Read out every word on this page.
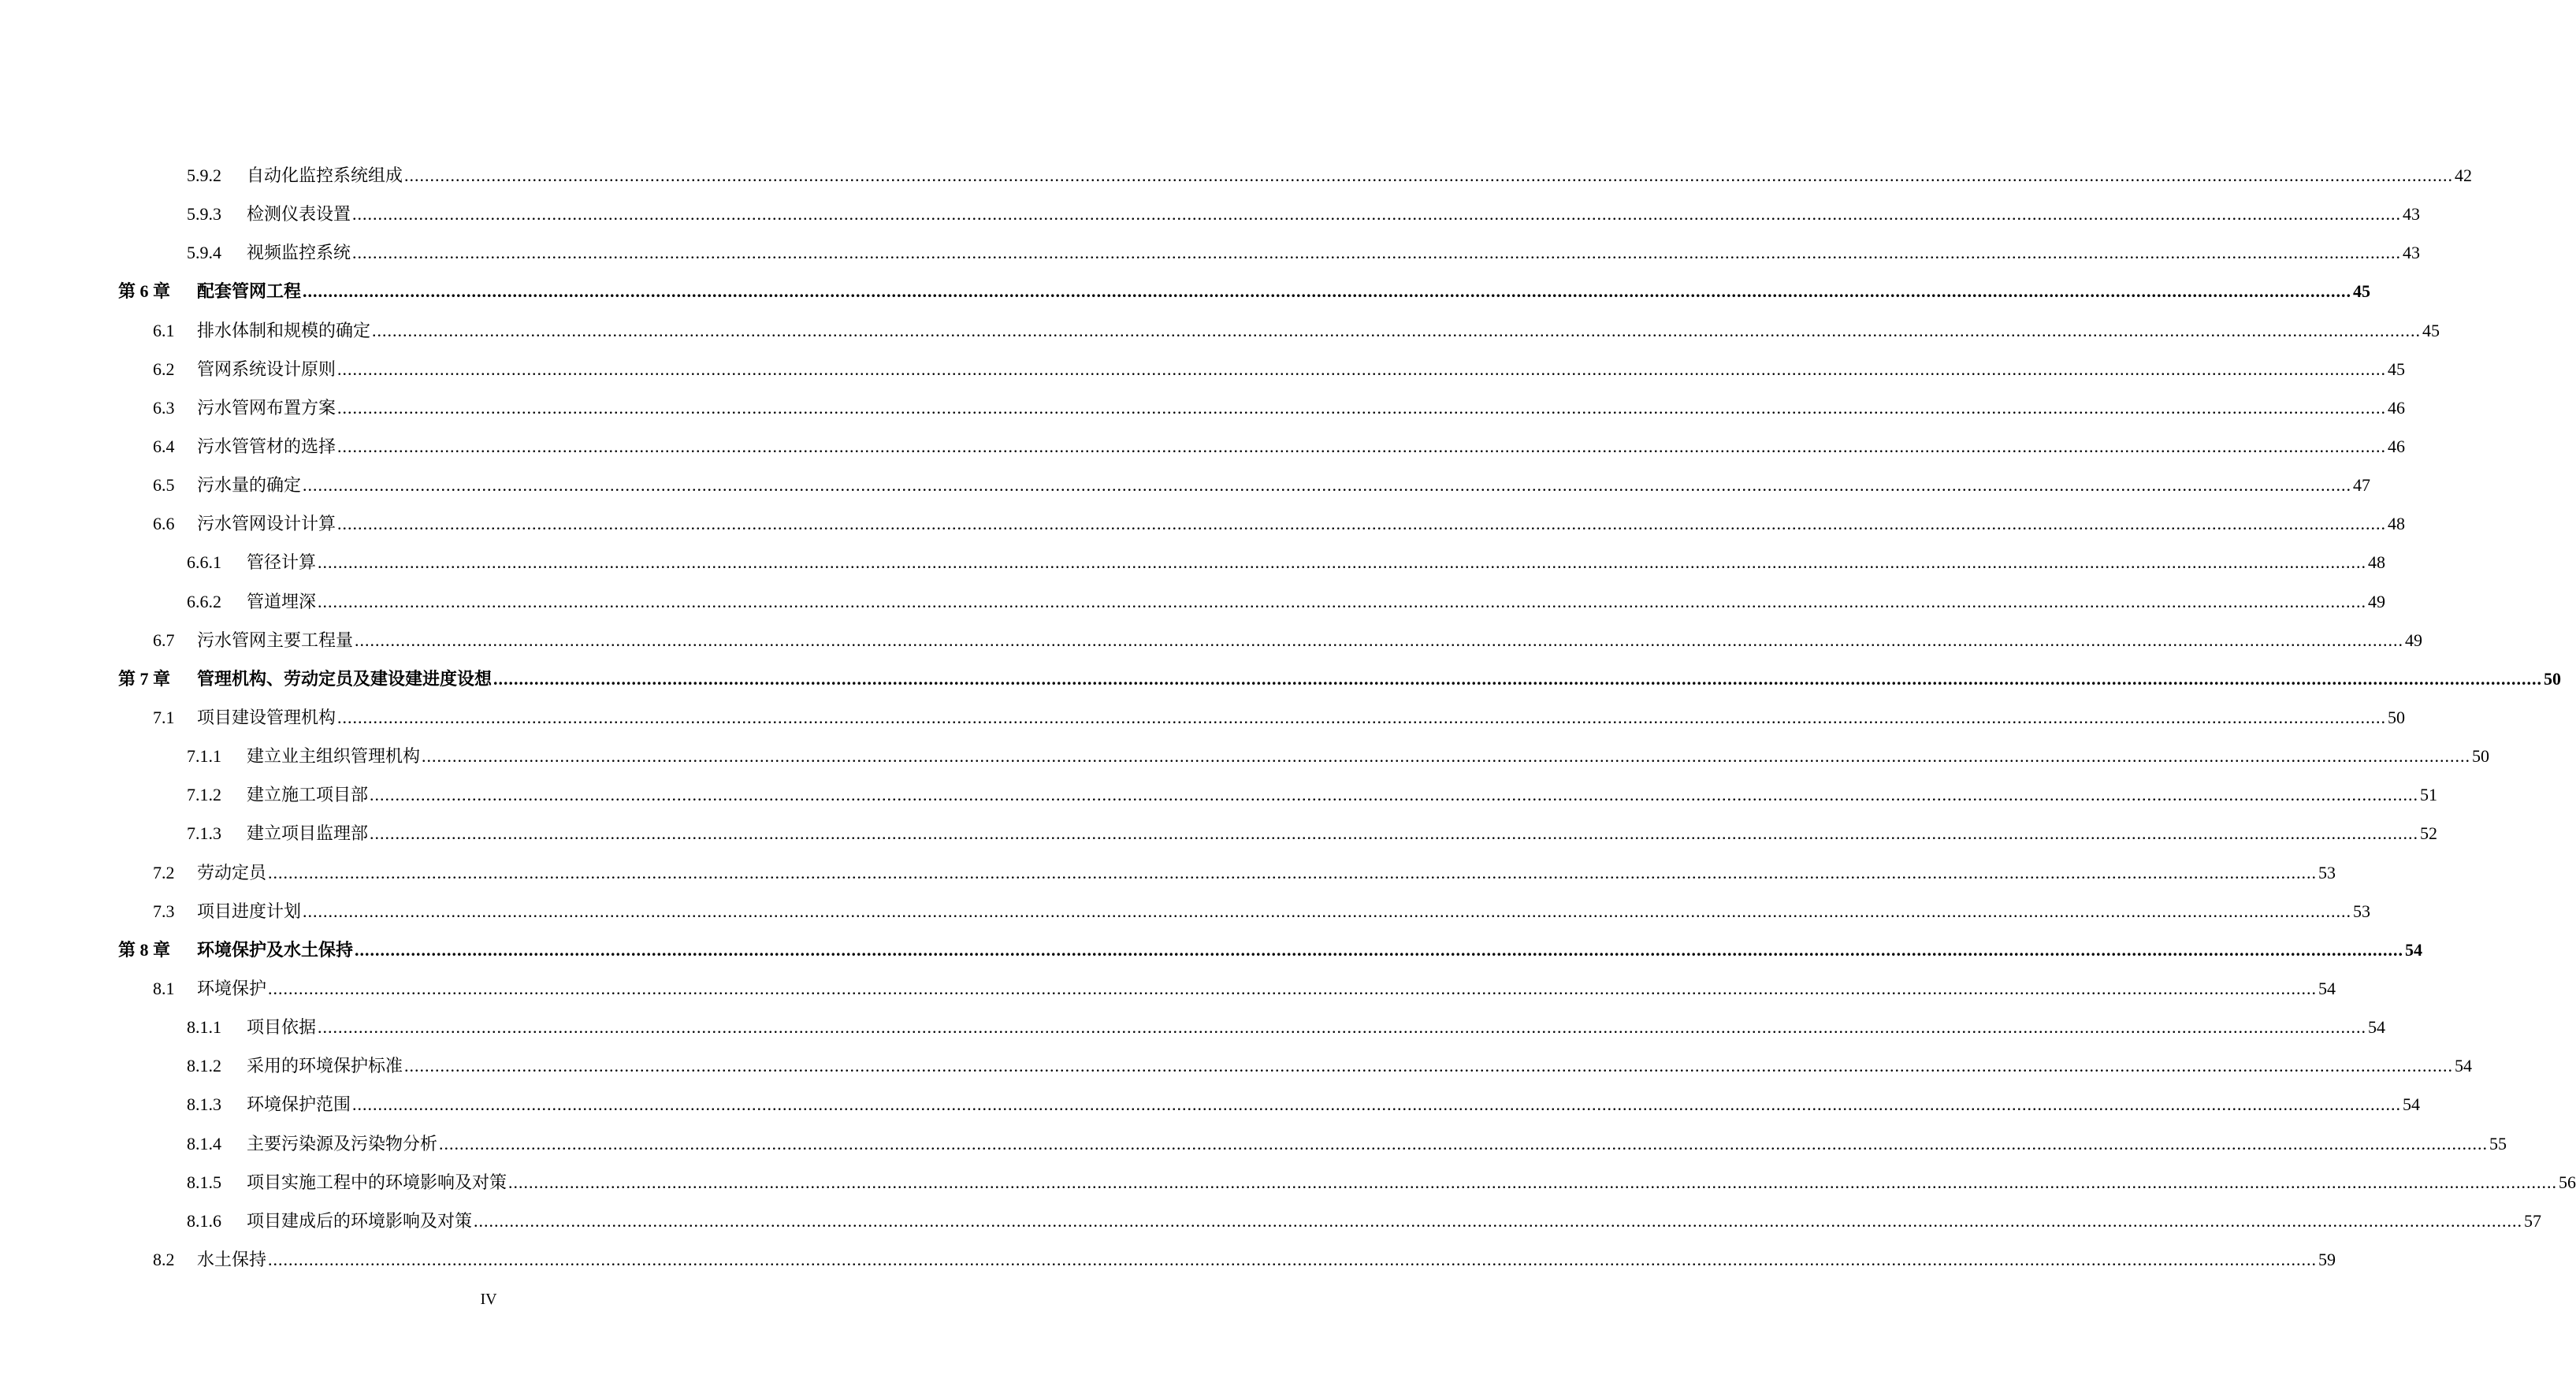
5.9.2 自动化监控系统组成 ................................................................................................................................................................................................................................................................................................................................................................................................................ 42
5.9.3 检测仪表设置 ................................................................................................................................................................................................................................................................................................................................................................................................................ 43
5.9.4 视频监控系统 ................................................................................................................................................................................................................................................................................................................................................................................................................ 43
第 6 章 配套管网工程 ................................................................................................................................................................................................................................................................................................................................................................................................................ 45
6.1 排水体制和规模的确定 ................................................................................................................................................................................................................................................................................................................................................................................................................ 45
6.2 管网系统设计原则 ................................................................................................................................................................................................................................................................................................................................................................................................................ 45
6.3 污水管网布置方案 ................................................................................................................................................................................................................................................................................................................................................................................................................ 46
6.4 污水管管材的选择 ................................................................................................................................................................................................................................................................................................................................................................................................................ 46
6.5 污水量的确定 ................................................................................................................................................................................................................................................................................................................................................................................................................ 47
6.6 污水管网设计计算 ................................................................................................................................................................................................................................................................................................................................................................................................................ 48
6.6.1 管径计算 ................................................................................................................................................................................................................................................................................................................................................................................................................ 48
6.6.2 管道埋深 ................................................................................................................................................................................................................................................................................................................................................................................................................ 49
6.7 污水管网主要工程量 ................................................................................................................................................................................................................................................................................................................................................................................................................ 49
第 7 章 管理机构、劳动定员及建设建进度设想 ................................................................................................................................................................................................................................................................................................................................................................................................................ 50
7.1 项目建设管理机构 ................................................................................................................................................................................................................................................................................................................................................................................................................ 50
7.1.1 建立业主组织管理机构 ................................................................................................................................................................................................................................................................................................................................................................................................................ 50
7.1.2 建立施工项目部 ................................................................................................................................................................................................................................................................................................................................................................................................................ 51
7.1.3 建立项目监理部 ................................................................................................................................................................................................................................................................................................................................................................................................................ 52
7.2 劳动定员 ................................................................................................................................................................................................................................................................................................................................................................................................................ 53
7.3 项目进度计划 ................................................................................................................................................................................................................................................................................................................................................................................................................ 53
第 8 章 环境保护及水土保持 ................................................................................................................................................................................................................................................................................................................................................................................................................ 54
8.1 环境保护 ................................................................................................................................................................................................................................................................................................................................................................................................................ 54
8.1.1 项目依据 ................................................................................................................................................................................................................................................................................................................................................................................................................ 54
8.1.2 采用的环境保护标准 ................................................................................................................................................................................................................................................................................................................................................................................................................ 54
8.1.3 环境保护范围 ................................................................................................................................................................................................................................................................................................................................................................................................................ 54
8.1.4 主要污染源及污染物分析 ................................................................................................................................................................................................................................................................................................................................................................................................................ 55
8.1.5 项目实施工程中的环境影响及对策 ................................................................................................................................................................................................................................................................................................................................................................................................................ 56
8.1.6 项目建成后的环境影响及对策 ................................................................................................................................................................................................................................................................................................................................................................................................................ 57
8.2 水土保持 ................................................................................................................................................................................................................................................................................................................................................................................................................ 59
IV
